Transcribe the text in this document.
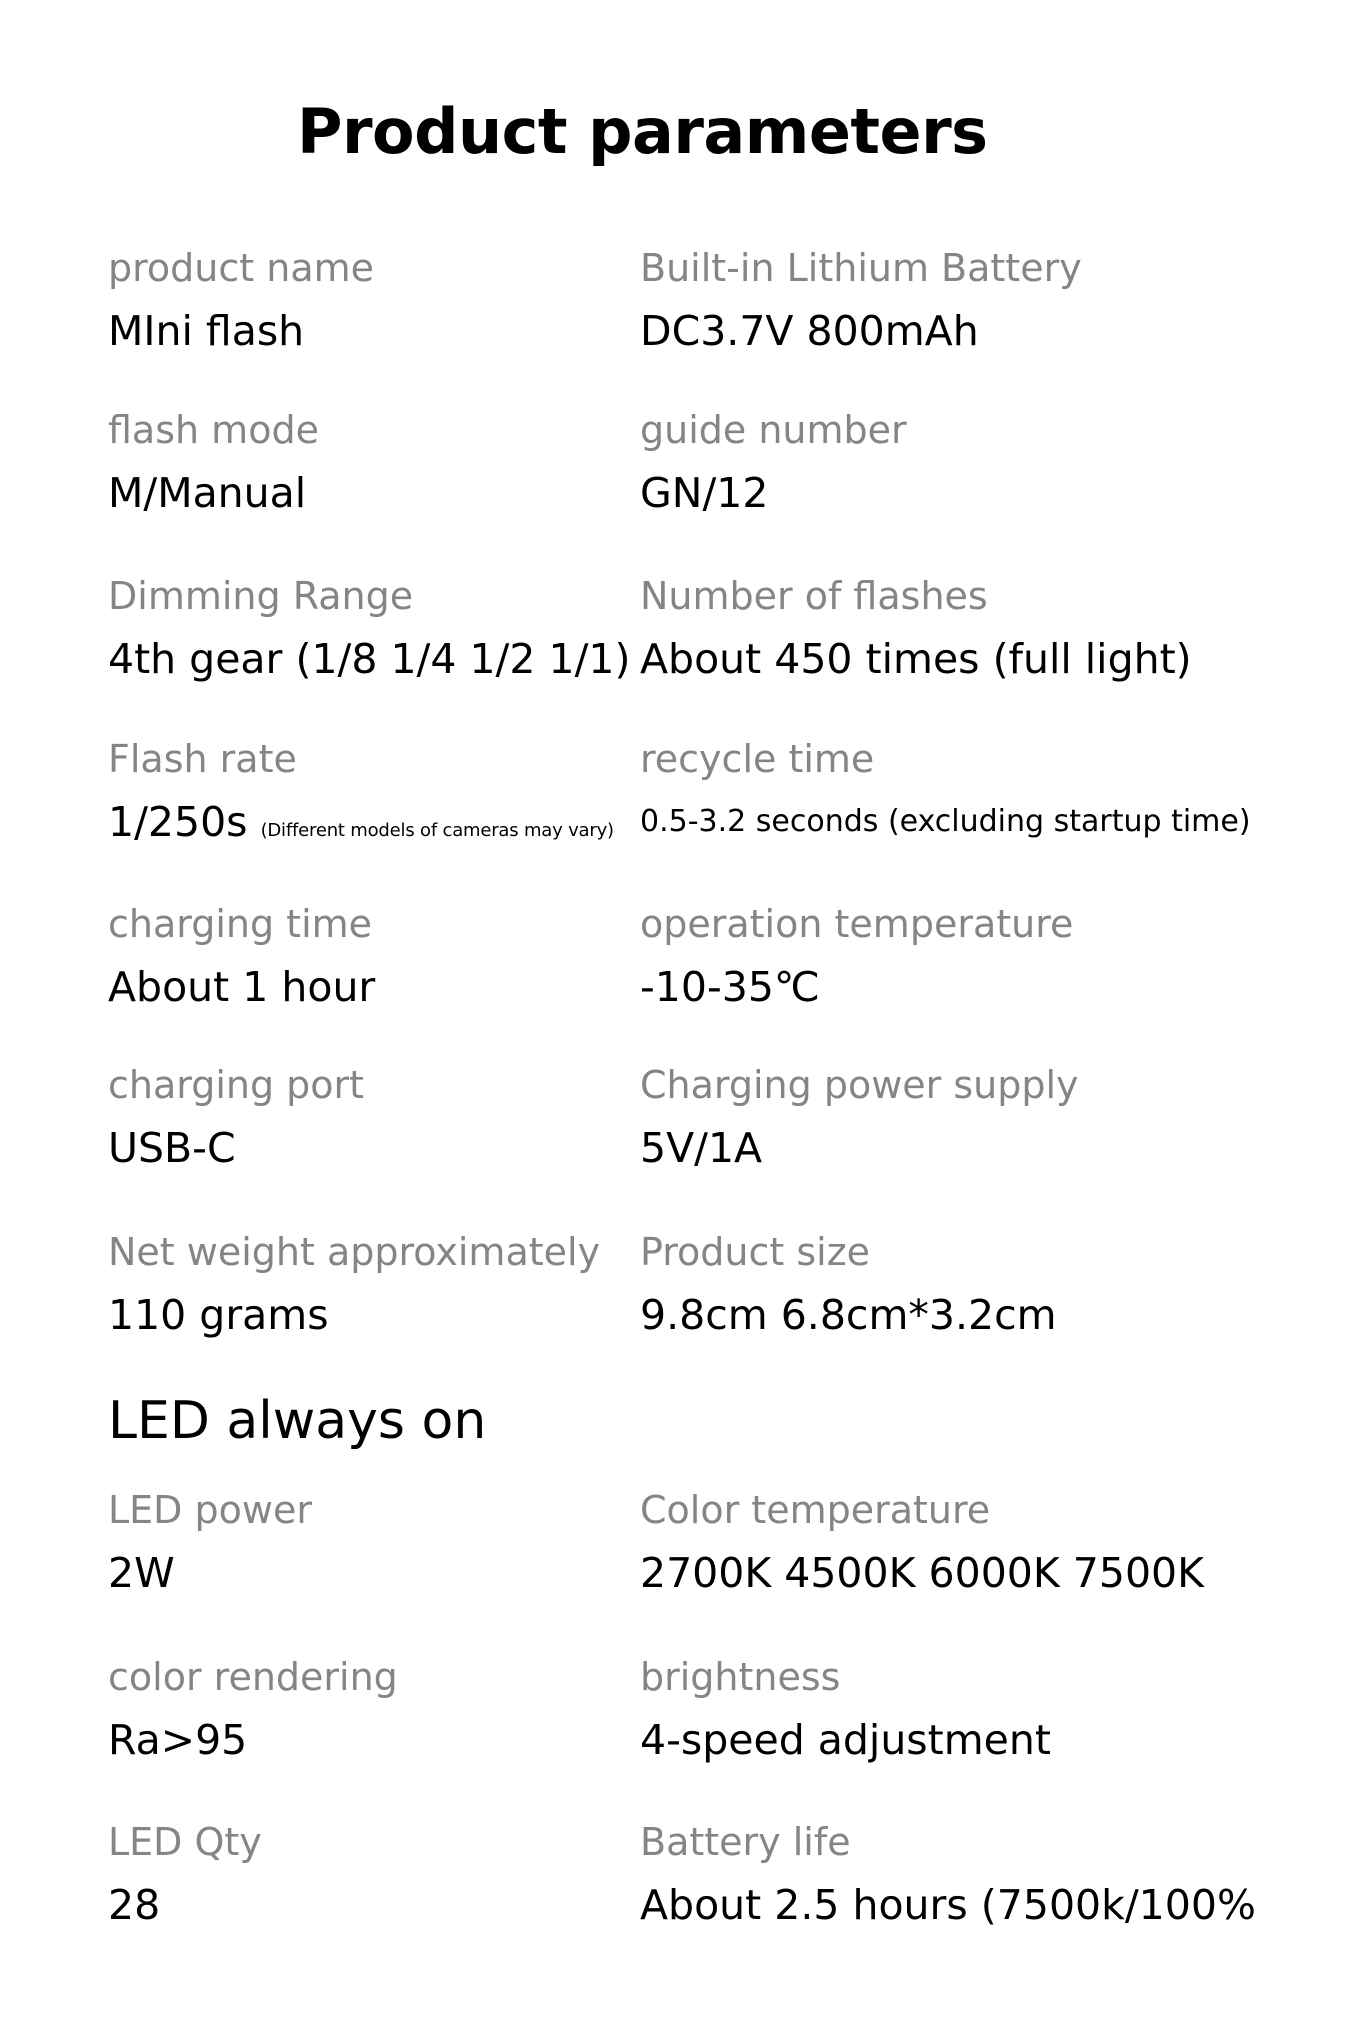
Product parameters
product name
MIni flash
Built-in Lithium Battery
DC3.7V 800mAh
flash mode
M/Manual
guide number
GN/12
Dimming Range
4th gear (1/8 1/4 1/2 1/1)
Number of flashes
About 450 times (full light)
Flash rate
1/250s (Different models of cameras may vary)
recycle time
0.5-3.2 seconds (excluding startup time)
charging time
About 1 hour
operation temperature
-10-35℃
charging port
USB-C
Charging power supply
5V/1A
Net weight approximately
110 grams
Product size
9.8cm 6.8cm*3.2cm
LED always on
LED power
2W
Color temperature
2700K 4500K 6000K 7500K
color rendering
Ra>95
brightness
4-speed adjustment
LED Qty
28
Battery life
About 2.5 hours (7500k/100%
